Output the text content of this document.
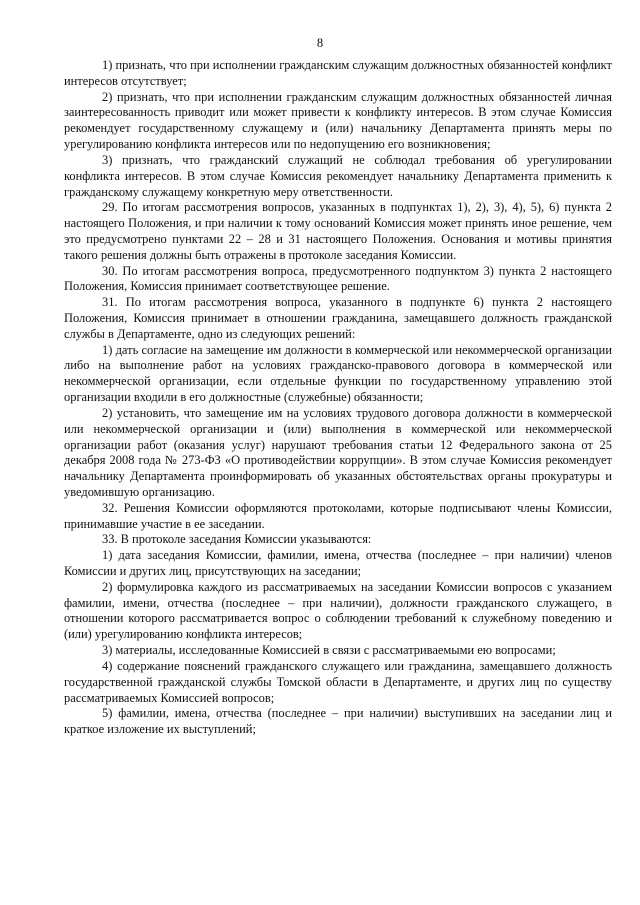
8

1) признать, что при исполнении гражданским служащим должностных обязанностей конфликт интересов отсутствует;

2) признать, что при исполнении гражданским служащим должностных обязанностей личная заинтересованность приводит или может привести к конфликту интересов. В этом случае Комиссия рекомендует государственному служащему и (или) начальнику Департамента принять меры по урегулированию конфликта интересов или по недопущению его возникновения;

3) признать, что гражданский служащий не соблюдал требования об урегулировании конфликта интересов. В этом случае Комиссия рекомендует начальнику Департамента применить к гражданскому служащему конкретную меру ответственности.

29. По итогам рассмотрения вопросов, указанных в подпунктах 1), 2), 3), 4), 5), 6) пункта 2 настоящего Положения, и при наличии к тому оснований Комиссия может принять иное решение, чем это предусмотрено пунктами 22 – 28 и 31 настоящего Положения. Основания и мотивы принятия такого решения должны быть отражены в протоколе заседания Комиссии.

30. По итогам рассмотрения вопроса, предусмотренного подпунктом 3) пункта 2 настоящего Положения, Комиссия принимает соответствующее решение.

31. По итогам рассмотрения вопроса, указанного в подпункте 6) пункта 2 настоящего Положения, Комиссия принимает в отношении гражданина, замещавшего должность гражданской службы в Департаменте, одно из следующих решений:

1) дать согласие на замещение им должности в коммерческой или некоммерческой организации либо на выполнение работ на условиях гражданско-правового договора в коммерческой или некоммерческой организации, если отдельные функции по государственному управлению этой организации входили в его должностные (служебные) обязанности;

2) установить, что замещение им на условиях трудового договора должности в коммерческой или некоммерческой организации и (или) выполнения в коммерческой или некоммерческой организации работ (оказания услуг) нарушают требования статьи 12 Федерального закона от 25 декабря 2008 года № 273-ФЗ «О противодействии коррупции». В этом случае Комиссия рекомендует начальнику Департамента проинформировать об указанных обстоятельствах органы прокуратуры и уведомившую организацию.

32. Решения Комиссии оформляются протоколами, которые подписывают члены Комиссии, принимавшие участие в ее заседании.

33. В протоколе заседания Комиссии указываются:

1) дата заседания Комиссии, фамилии, имена, отчества (последнее – при наличии) членов Комиссии и других лиц, присутствующих на заседании;

2) формулировка каждого из рассматриваемых на заседании Комиссии вопросов с указанием фамилии, имени, отчества (последнее – при наличии), должности гражданского служащего, в отношении которого рассматривается вопрос о соблюдении требований к служебному поведению и (или) урегулированию конфликта интересов;

3) материалы, исследованные Комиссией в связи с рассматриваемыми ею вопросами;

4) содержание пояснений гражданского служащего или гражданина, замещавшего должность государственной гражданской службы Томской области в Департаменте, и других лиц по существу рассматриваемых Комиссией вопросов;

5) фамилии, имена, отчества (последнее – при наличии) выступивших на заседании лиц и краткое изложение их выступлений;
